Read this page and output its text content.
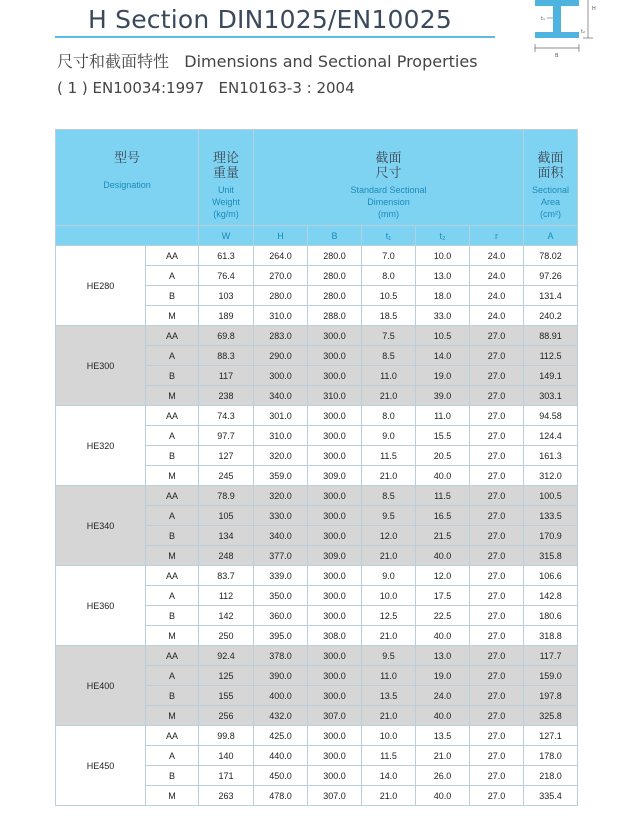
H Section DIN1025/EN10025
尺寸和截面特性   Dimensions and Sectional Properties
( 1 ) EN10034:1997   EN10163-3 : 2004
H
B
t₁
t₂
型号
Designation		理论
重量
Unit
Weight
(kg/m)	截面
尺寸
Standard Sectional
Dimension
(mm)					截面
面积
Sectional
Area
(cm²)

		W	H	B	t₁	t₂	r	A
HE280	AA	61.3	264.0	280.0	7.0	10.0	24.0	78.02
	A	76.4	270.0	280.0	8.0	13.0	24.0	97.26
	B	103	280.0	280.0	10.5	18.0	24.0	131.4
	M	189	310.0	288.0	18.5	33.0	24.0	240.2
HE300	AA	69.8	283.0	300.0	7.5	10.5	27.0	88.91
	A	88.3	290.0	300.0	8.5	14.0	27.0	112.5
	B	117	300.0	300.0	11.0	19.0	27.0	149.1
	M	238	340.0	310.0	21.0	39.0	27.0	303.1
HE320	AA	74.3	301.0	300.0	8.0	11.0	27.0	94.58
	A	97.7	310.0	300.0	9.0	15.5	27.0	124.4
	B	127	320.0	300.0	11.5	20.5	27.0	161.3
	M	245	359.0	309.0	21.0	40.0	27.0	312.0
HE340	AA	78.9	320.0	300.0	8.5	11.5	27.0	100.5
	A	105	330.0	300.0	9.5	16.5	27.0	133.5
	B	134	340.0	300.0	12.0	21.5	27.0	170.9
	M	248	377.0	309.0	21.0	40.0	27.0	315.8
HE360	AA	83.7	339.0	300.0	9.0	12.0	27.0	106.6
	A	112	350.0	300.0	10.0	17.5	27.0	142.8
	B	142	360.0	300.0	12.5	22.5	27.0	180.6
	M	250	395.0	308.0	21.0	40.0	27.0	318.8
HE400	AA	92.4	378.0	300.0	9.5	13.0	27.0	117.7
	A	125	390.0	300.0	11.0	19.0	27.0	159.0
	B	155	400.0	300.0	13.5	24.0	27.0	197.8
	M	256	432.0	307.0	21.0	40.0	27.0	325.8
HE450	AA	99.8	425.0	300.0	10.0	13.5	27.0	127.1
	A	140	440.0	300.0	11.5	21.0	27.0	178.0
	B	171	450.0	300.0	14.0	26.0	27.0	218.0
	M	263	478.0	307.0	21.0	40.0	27.0	335.4
